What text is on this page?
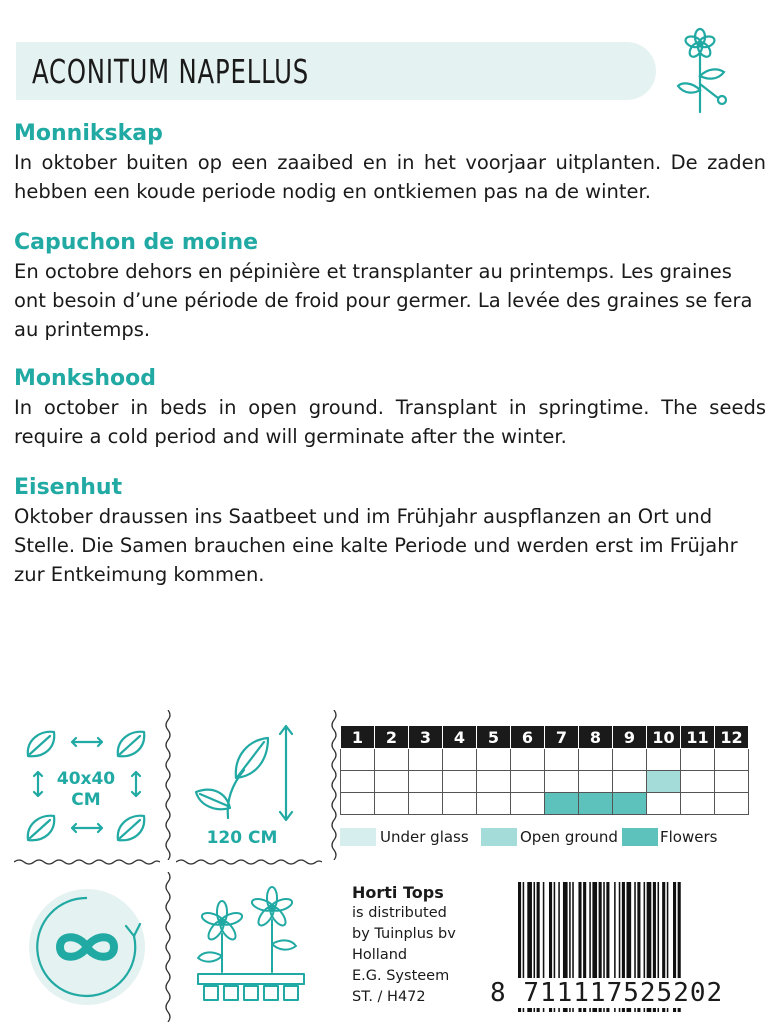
ACONITUM NAPELLUS
Monnikskap
In oktober buiten op een zaaibed en in het voorjaar uitplanten. De zaden hebben een koude periode nodig en ontkiemen pas na de winter.
Capuchon de moine
En octobre dehors en pépinière et transplanter au printemps. Les graines ont besoin d’une période de froid pour germer. La levée des graines se fera au printemps.
Monkshood
In october in beds in open ground. Transplant in springtime. The seeds require a cold period and will germinate after the winter.
Eisenhut
Oktober draussen ins Saatbeet und im Frühjahr auspflanzen an Ort und Stelle. Die Samen brauchen eine kalte Periode und werden erst im Früjahr zur Entkeimung kommen.
40x40
CM
120 CM
1	2	3	4	5	6	7	8	9	10	11	12

Under glass	Open ground	Flowers
Horti Tops
is distributed
by Tuinplus bv
Holland
E.G. Systeem
ST. / H472	8 711117525202
